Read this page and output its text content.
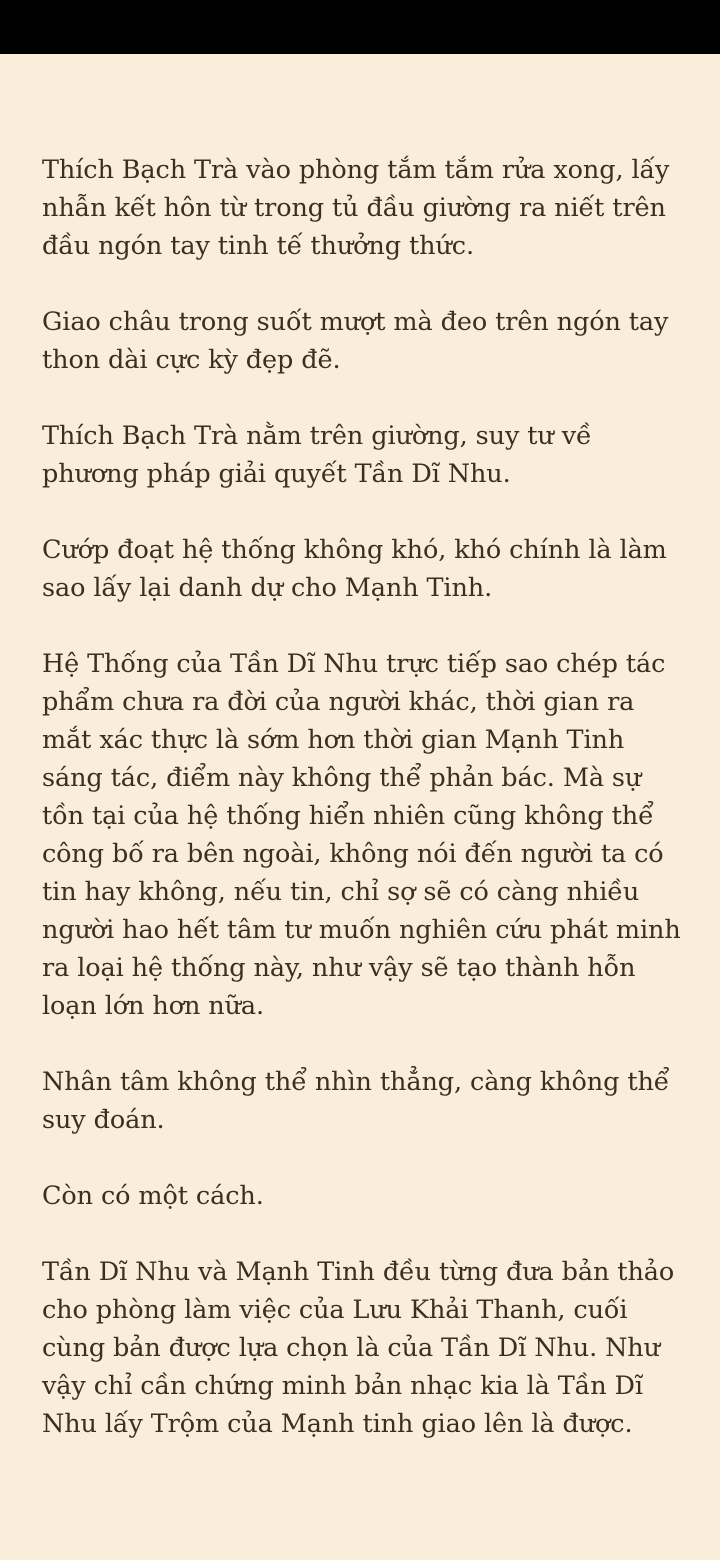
Thích Bạch Trà vào phòng tắm tắm rửa xong, lấy nhẫn kết hôn từ trong tủ đầu giường ra niết trên đầu ngón tay tinh tế thưởng thức.

Giao châu trong suốt mượt mà đeo trên ngón tay thon dài cực kỳ đẹp đẽ.

Thích Bạch Trà nằm trên giường, suy tư về phương pháp giải quyết Tần Dĩ Nhu.

Cướp đoạt hệ thống không khó, khó chính là làm sao lấy lại danh dự cho Mạnh Tinh.

Hệ Thống của Tần Dĩ Nhu trực tiếp sao chép tác phẩm chưa ra đời của người khác, thời gian ra mắt xác thực là sớm hơn thời gian Mạnh Tinh sáng tác, điểm này không thể phản bác. Mà sự tồn tại của hệ thống hiển nhiên cũng không thể công bố ra bên ngoài, không nói đến người ta có tin hay không, nếu tin, chỉ sợ sẽ có càng nhiều người hao hết tâm tư muốn nghiên cứu phát minh ra loại hệ thống này, như vậy sẽ tạo thành hỗn loạn lớn hơn nữa.

Nhân tâm không thể nhìn thẳng, càng không thể suy đoán.

Còn có một cách.

Tần Dĩ Nhu và Mạnh Tinh đều từng đưa bản thảo cho phòng làm việc của Lưu Khải Thanh, cuối cùng bản được lựa chọn là của Tần Dĩ Nhu. Như vậy chỉ cần chứng minh bản nhạc kia là Tần Dĩ Nhu lấy Trộm của Mạnh tinh giao lên là được.
